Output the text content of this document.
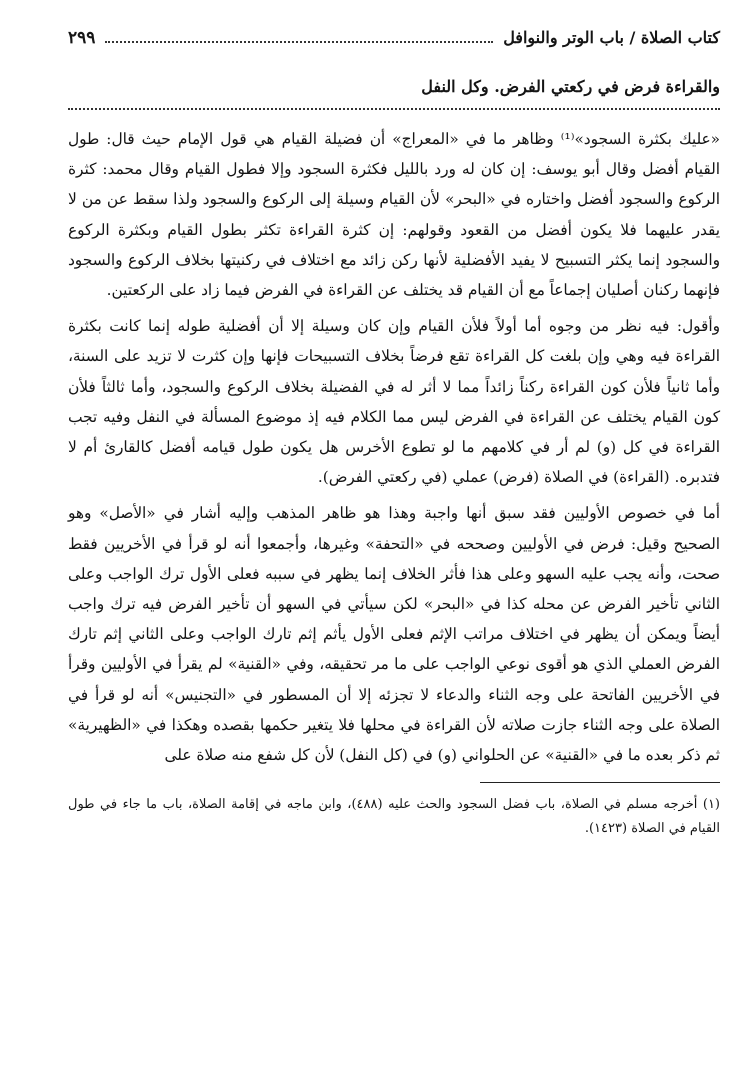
كتاب الصلاة / باب الوتر والنوافل
٢٩٩
والقراءة فرض في ركعتي الفرض. وكل النفل

«عليك بكثرة السجود»⁽¹⁾ وظاهر ما في «المعراج» أن فضيلة القيام هي قول الإمام حيث قال: طول القيام أفضل وقال أبو يوسف: إن كان له ورد بالليل فكثرة السجود وإلا فطول القيام وقال محمد: كثرة الركوع والسجود أفضل واختاره في «البحر» لأن القيام وسيلة إلى الركوع والسجود ولذا سقط عن من لا يقدر عليهما فلا يكون أفضل من القعود وقولهم: إن كثرة القراءة تكثر بطول القيام وبكثرة الركوع والسجود إنما يكثر التسبيح لا يفيد الأفضلية لأنها ركن زائد مع اختلاف في ركنيتها بخلاف الركوع والسجود فإنهما ركنان أصليان إجماعاً مع أن القيام قد يختلف عن القراءة في الفرض فيما زاد على الركعتين.

وأقول: فيه نظر من وجوه أما أولاً فلأن القيام وإن كان وسيلة إلا أن أفضلية طوله إنما كانت بكثرة القراءة فيه وهي وإن بلغت كل القراءة تقع فرضاً بخلاف التسبيحات فإنها وإن كثرت لا تزيد على السنة، وأما ثانياً فلأن كون القراءة ركناً زائداً مما لا أثر له في الفضيلة بخلاف الركوع والسجود، وأما ثالثاً فلأن كون القيام يختلف عن القراءة في الفرض ليس مما الكلام فيه إذ موضوع المسألة في النفل وفيه تجب القراءة في كل (و) لم أر في كلامهم ما لو تطوع الأخرس هل يكون طول قيامه أفضل كالقارئ أم لا فتدبره. (القراءة) في الصلاة (فرض) عملي (في ركعتي الفرض).

أما في خصوص الأوليين فقد سبق أنها واجبة وهذا هو ظاهر المذهب وإليه أشار في «الأصل» وهو الصحيح وقيل: فرض في الأوليين وصححه في «التحفة» وغيرها، وأجمعوا أنه لو قرأ في الأخريين فقط صحت، وأنه يجب عليه السهو وعلى هذا فأثر الخلاف إنما يظهر في سببه فعلى الأول ترك الواجب وعلى الثاني تأخير الفرض عن محله كذا في «البحر» لكن سيأتي في السهو أن تأخير الفرض فيه ترك واجب أيضاً ويمكن أن يظهر في اختلاف مراتب الإثم فعلى الأول يأثم إثم تارك الواجب وعلى الثاني إثم تارك الفرض العملي الذي هو أقوى نوعي الواجب على ما مر تحقيقه، وفي «القنية» لم يقرأ في الأوليين وقرأ في الأخريين الفاتحة على وجه الثناء والدعاء لا تجزئه إلا أن المسطور في «التجنيس» أنه لو قرأ في الصلاة على وجه الثناء جازت صلاته لأن القراءة في محلها فلا يتغير حكمها بقصده وهكذا في «الظهيرية» ثم ذكر بعده ما في «القنية» عن الحلواني (و) في (كل النفل) لأن كل شفع منه صلاة على

(١) أخرجه مسلم في الصلاة، باب فضل السجود والحث عليه (٤٨٨)، وابن ماجه في إقامة الصلاة، باب ما جاء في طول القيام في الصلاة (١٤٢٣).
